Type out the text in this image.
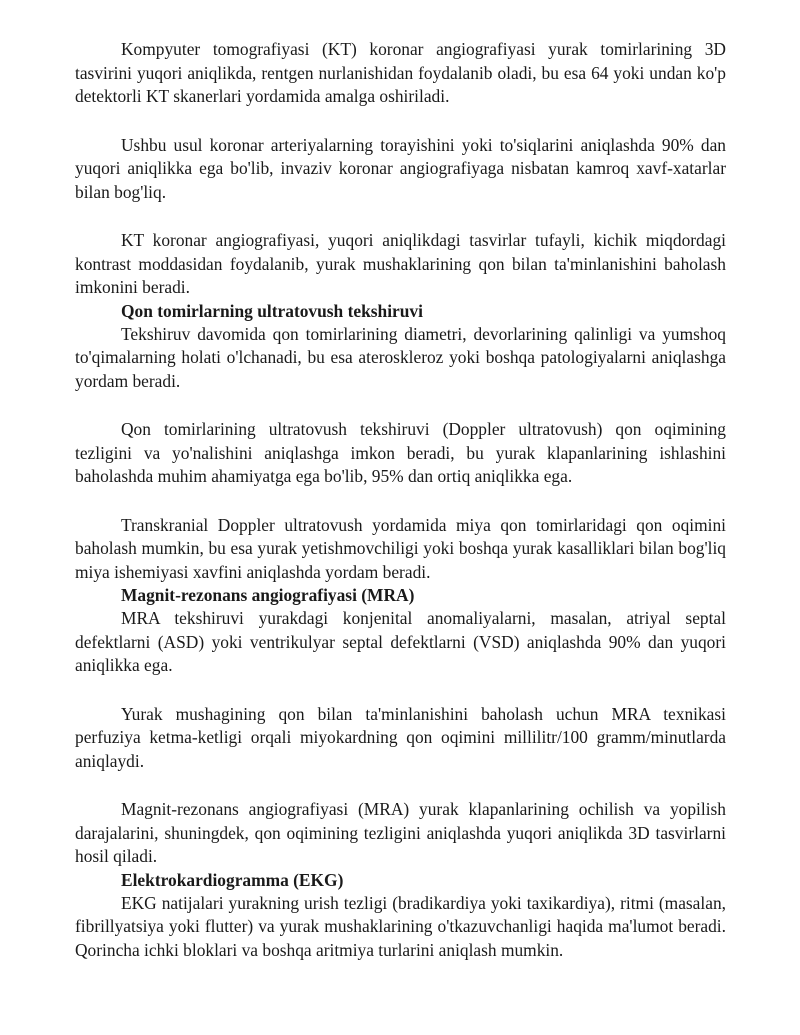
Kompyuter tomografiyasi (KT) koronar angiografiyasi yurak tomirlarining 3D tasvirini yuqori aniqlikda, rentgen nurlanishidan foydalanib oladi, bu esa 64 yoki undan ko'p detektorli KT skanerlari yordamida amalga oshiriladi.

Ushbu usul koronar arteriyalarning torayishini yoki to'siqlarini aniqlashda 90% dan yuqori aniqlikka ega bo'lib, invaziv koronar angiografiyaga nisbatan kamroq xavf-xatarlar bilan bog'liq.

KT koronar angiografiyasi, yuqori aniqlikdagi tasvirlar tufayli, kichik miqdordagi kontrast moddasidan foydalanib, yurak mushaklarining qon bilan ta'minlanishini baholash imkonini beradi.

Qon tomirlarning ultratovush tekshiruvi

Tekshiruv davomida qon tomirlarining diametri, devorlarining qalinligi va yumshoq to'qimalarning holati o'lchanadi, bu esa ateroskleroz yoki boshqa patologiyalarni aniqlashga yordam beradi.

Qon tomirlarining ultratovush tekshiruvi (Doppler ultratovush) qon oqimining tezligini va yo'nalishini aniqlashga imkon beradi, bu yurak klapanlarining ishlashini baholashda muhim ahamiyatga ega bo'lib, 95% dan ortiq aniqlikka ega.

Transkranial Doppler ultratovush yordamida miya qon tomirlaridagi qon oqimini baholash mumkin, bu esa yurak yetishmovchiligi yoki boshqa yurak kasalliklari bilan bog'liq miya ishemiyasi xavfini aniqlashda yordam beradi.

Magnit-rezonans angiografiyasi (MRA)

MRA tekshiruvi yurakdagi konjenital anomaliyalarni, masalan, atriyal septal defektlarni (ASD) yoki ventrikulyar septal defektlarni (VSD) aniqlashda 90% dan yuqori aniqlikka ega.

Yurak mushagining qon bilan ta'minlanishini baholash uchun MRA texnikasi perfuziya ketma-ketligi orqali miyokardning qon oqimini millilitr/100 gramm/minutlarda aniqlaydi.

Magnit-rezonans angiografiyasi (MRA) yurak klapanlarining ochilish va yopilish darajalarini, shuningdek, qon oqimining tezligini aniqlashda yuqori aniqlikda 3D tasvirlarni hosil qiladi.

Elektrokardiogramma (EKG)

EKG natijalari yurakning urish tezligi (bradikardiya yoki taxikardiya), ritmi (masalan, fibrillyatsiya yoki flutter) va yurak mushaklarining o'tkazuvchanligi haqida ma'lumot beradi. Qorincha ichki bloklari va boshqa aritmiya turlarini aniqlash mumkin.
